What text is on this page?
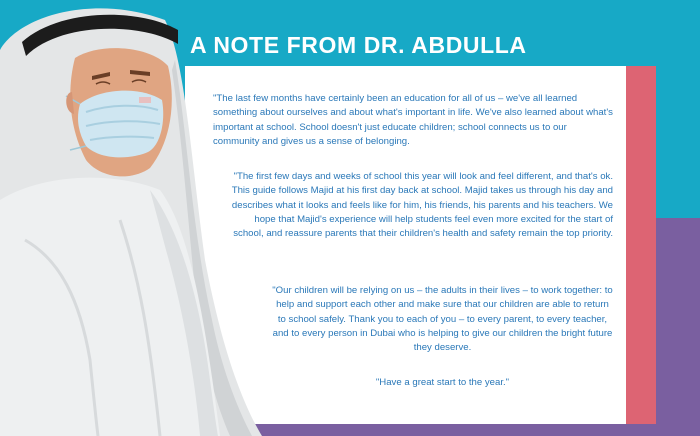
A NOTE FROM DR. ABDULLA

"The last few months have certainly been an education for all of us – we've all learned something about ourselves and about what's important in life. We've also learned about what's important at school. School doesn't just educate children; school connects us to our community and gives us a sense of belonging.

"The first few days and weeks of school this year will look and feel different, and that's ok. This guide follows Majid at his first day back at school. Majid takes us through his day and describes what it looks and feels like for him, his friends, his parents and his teachers. We hope that Majid's experience will help students feel even more excited for the start of school, and reassure parents that their children's health and safety remain the top priority.

"Our children will be relying on us – the adults in their lives – to work together: to help and support each other and make sure that our children are able to return to school safely. Thank you to each of you – to every parent, to every teacher, and to every person in Dubai who is helping to give our children the bright future they deserve.

"Have a great start to the year."
